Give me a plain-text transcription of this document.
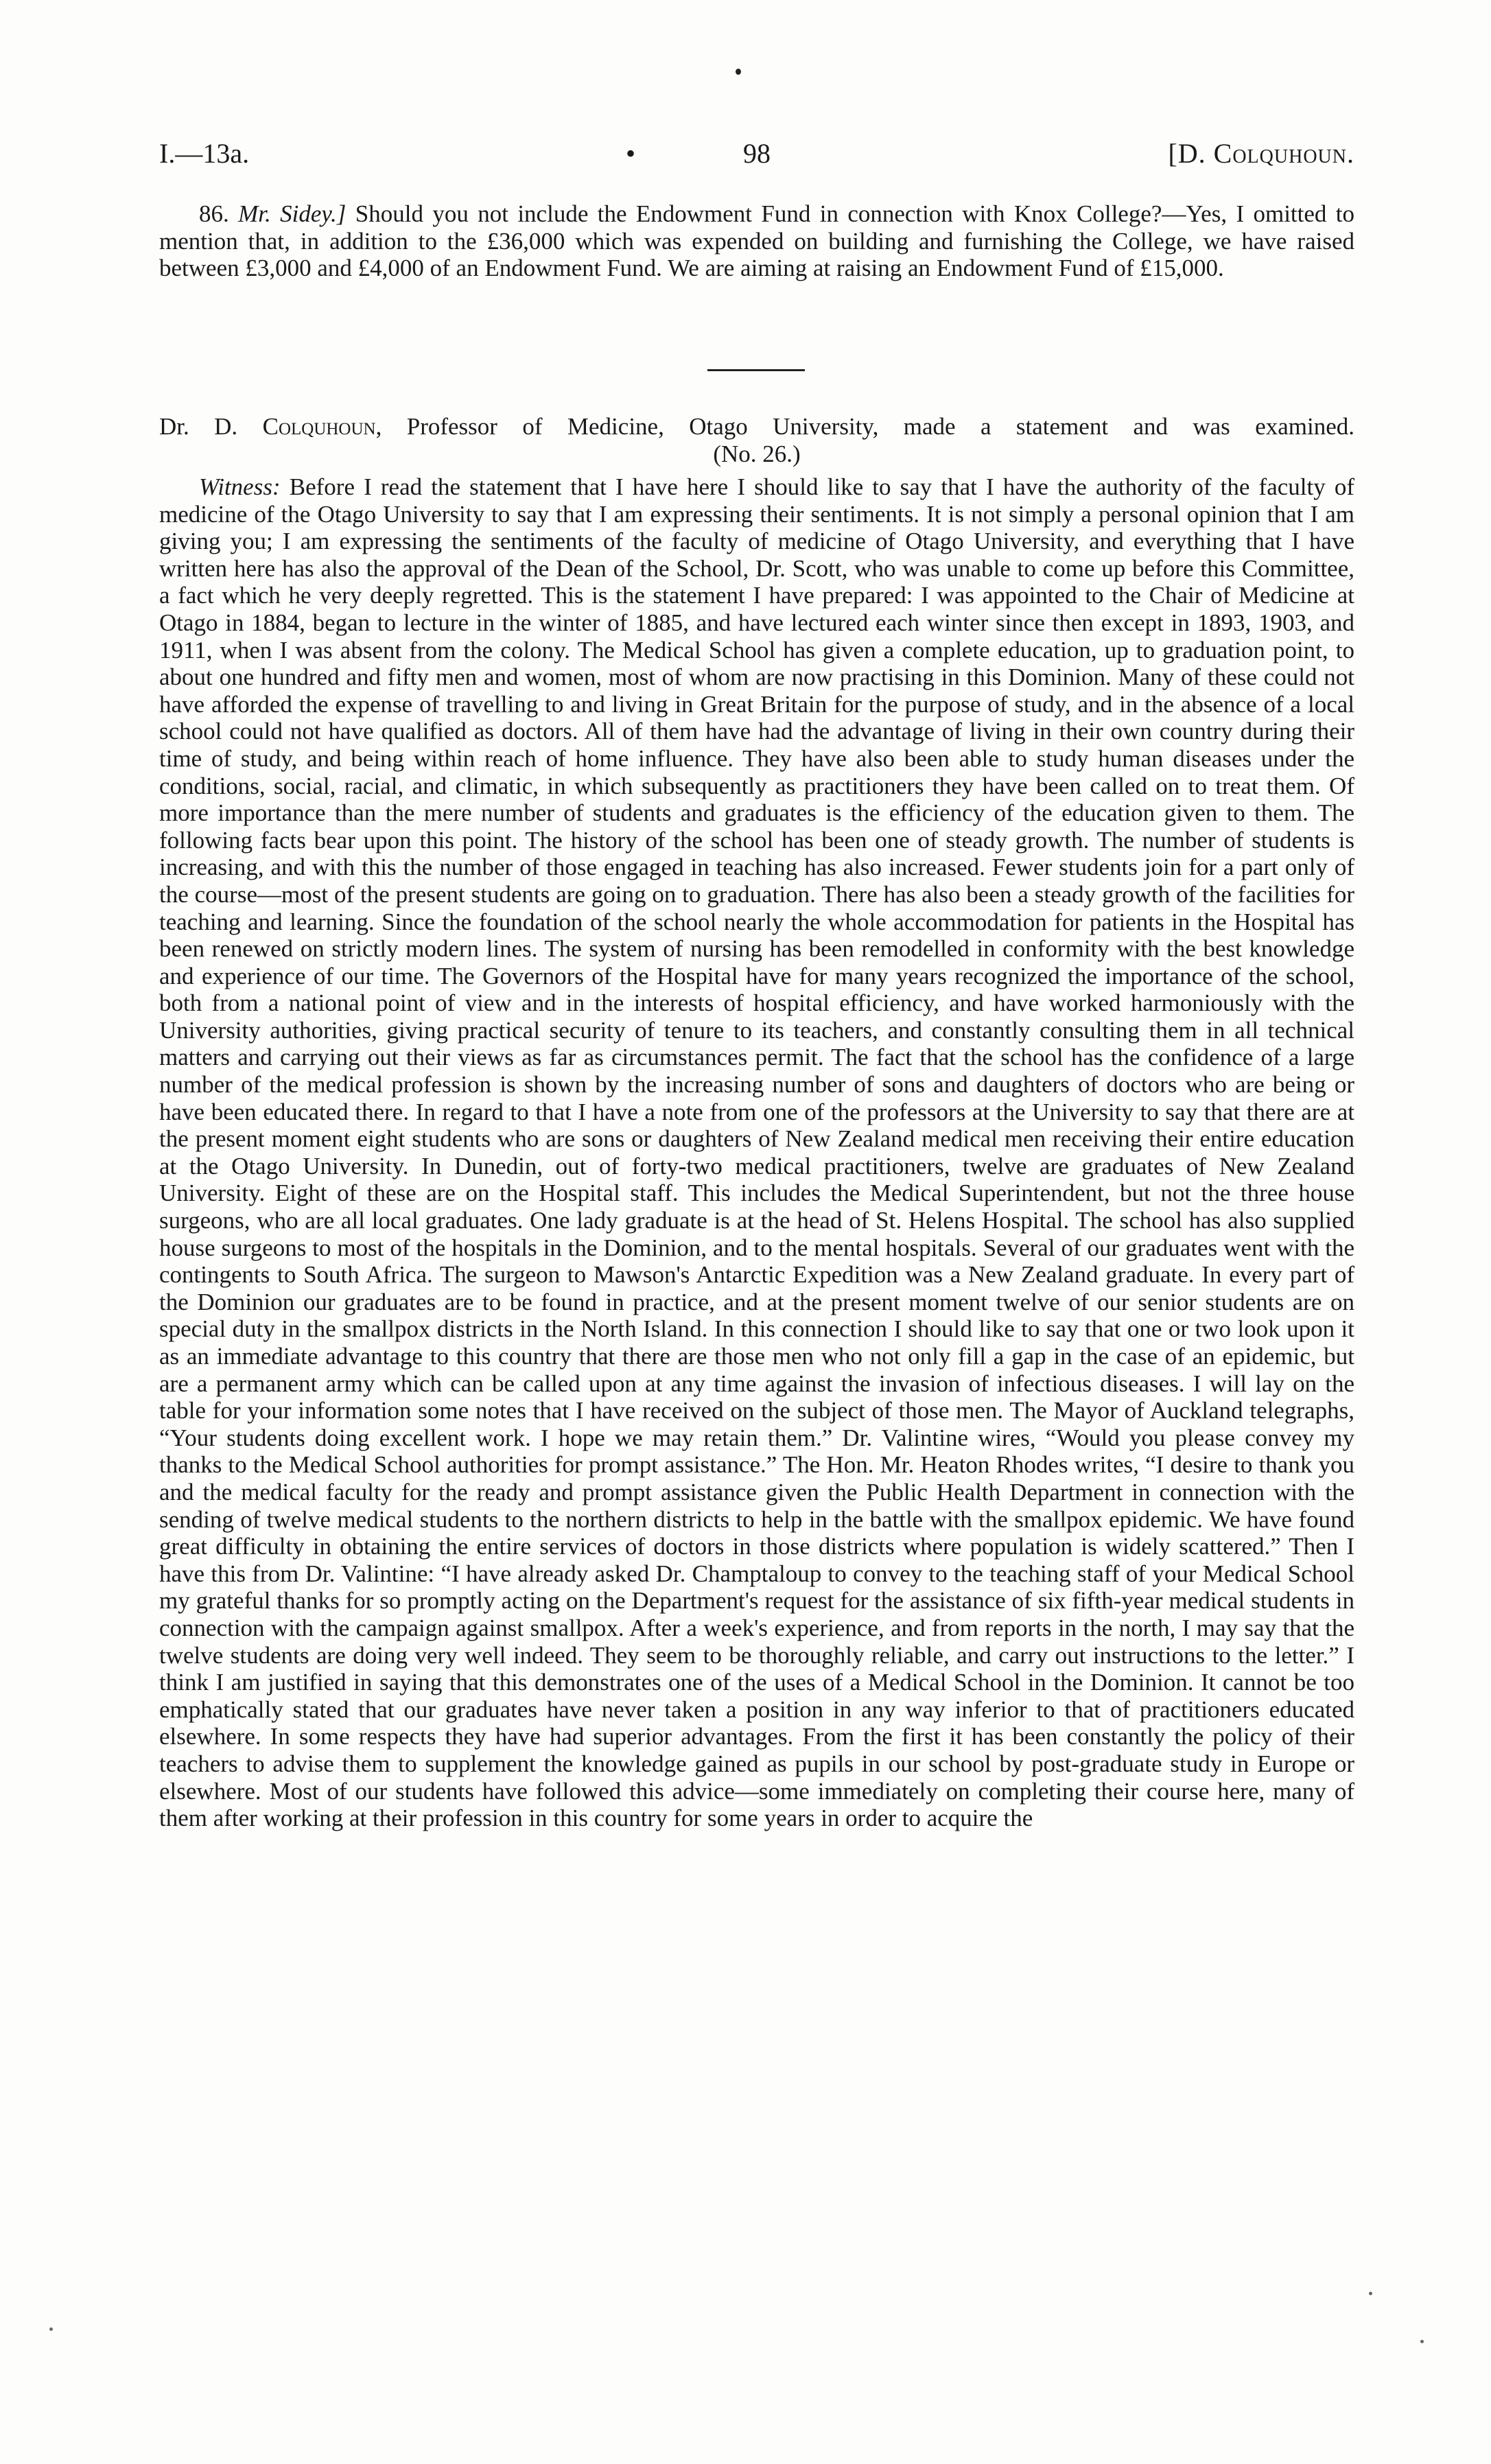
I.—13a.	•	98	[D. Colquhoun.

86. Mr. Sidey.] Should you not include the Endowment Fund in connection with Knox College?—Yes, I omitted to mention that, in addition to the £36,000 which was expended on building and furnishing the College, we have raised between £3,000 and £4,000 of an Endowment Fund. We are aiming at raising an Endowment Fund of £15,000.

Dr. D. Colquhoun, Professor of Medicine, Otago University, made a statement and was examined.
(No. 26.)

Witness: Before I read the statement that I have here I should like to say that I have the authority of the faculty of medicine of the Otago University to say that I am expressing their sentiments. It is not simply a personal opinion that I am giving you; I am expressing the sentiments of the faculty of medicine of Otago University, and everything that I have written here has also the approval of the Dean of the School, Dr. Scott, who was unable to come up before this Committee, a fact which he very deeply regretted. This is the statement I have prepared: I was appointed to the Chair of Medicine at Otago in 1884, began to lecture in the winter of 1885, and have lectured each winter since then except in 1893, 1903, and 1911, when I was absent from the colony. The Medical School has given a complete education, up to graduation point, to about one hundred and fifty men and women, most of whom are now practising in this Dominion. Many of these could not have afforded the expense of travelling to and living in Great Britain for the purpose of study, and in the absence of a local school could not have qualified as doctors. All of them have had the advantage of living in their own country during their time of study, and being within reach of home influence. They have also been able to study human diseases under the conditions, social, racial, and climatic, in which subsequently as practitioners they have been called on to treat them. Of more importance than the mere number of students and graduates is the efficiency of the education given to them. The following facts bear upon this point. The history of the school has been one of steady growth. The number of students is increasing, and with this the number of those engaged in teaching has also increased. Fewer students join for a part only of the course—most of the present students are going on to graduation. There has also been a steady growth of the facilities for teaching and learning. Since the foundation of the school nearly the whole accommodation for patients in the Hospital has been renewed on strictly modern lines. The system of nursing has been remodelled in conformity with the best knowledge and experience of our time. The Governors of the Hospital have for many years recognized the importance of the school, both from a national point of view and in the interests of hospital efficiency, and have worked harmoniously with the University authorities, giving practical security of tenure to its teachers, and constantly consulting them in all technical matters and carrying out their views as far as circumstances permit. The fact that the school has the confidence of a large number of the medical profession is shown by the increasing number of sons and daughters of doctors who are being or have been educated there. In regard to that I have a note from one of the professors at the University to say that there are at the present moment eight students who are sons or daughters of New Zealand medical men receiving their entire education at the Otago University. In Dunedin, out of forty-two medical practitioners, twelve are graduates of New Zealand University. Eight of these are on the Hospital staff. This includes the Medical Superintendent, but not the three house surgeons, who are all local graduates. One lady graduate is at the head of St. Helens Hospital. The school has also supplied house surgeons to most of the hospitals in the Dominion, and to the mental hospitals. Several of our graduates went with the contingents to South Africa. The surgeon to Mawson's Antarctic Expedition was a New Zealand graduate. In every part of the Dominion our graduates are to be found in practice, and at the present moment twelve of our senior students are on special duty in the smallpox districts in the North Island. In this connection I should like to say that one or two look upon it as an immediate advantage to this country that there are those men who not only fill a gap in the case of an epidemic, but are a permanent army which can be called upon at any time against the invasion of infectious diseases. I will lay on the table for your information some notes that I have received on the subject of those men. The Mayor of Auckland telegraphs, “Your students doing excellent work. I hope we may retain them.” Dr. Valintine wires, “Would you please convey my thanks to the Medical School authorities for prompt assistance.” The Hon. Mr. Heaton Rhodes writes, “I desire to thank you and the medical faculty for the ready and prompt assistance given the Public Health Department in connection with the sending of twelve medical students to the northern districts to help in the battle with the smallpox epidemic. We have found great difficulty in obtaining the entire services of doctors in those districts where population is widely scattered.” Then I have this from Dr. Valintine: “I have already asked Dr. Champtaloup to convey to the teaching staff of your Medical School my grateful thanks for so promptly acting on the Department's request for the assistance of six fifth-year medical students in connection with the campaign against smallpox. After a week's experience, and from reports in the north, I may say that the twelve students are doing very well indeed. They seem to be thoroughly reliable, and carry out instructions to the letter.” I think I am justified in saying that this demonstrates one of the uses of a Medical School in the Dominion. It cannot be too emphatically stated that our graduates have never taken a position in any way inferior to that of practitioners educated elsewhere. In some respects they have had superior advantages. From the first it has been constantly the policy of their teachers to advise them to supplement the knowledge gained as pupils in our school by post-graduate study in Europe or elsewhere. Most of our students have followed this advice—some immediately on completing their course here, many of them after working at their profession in this country for some years in order to acquire the
